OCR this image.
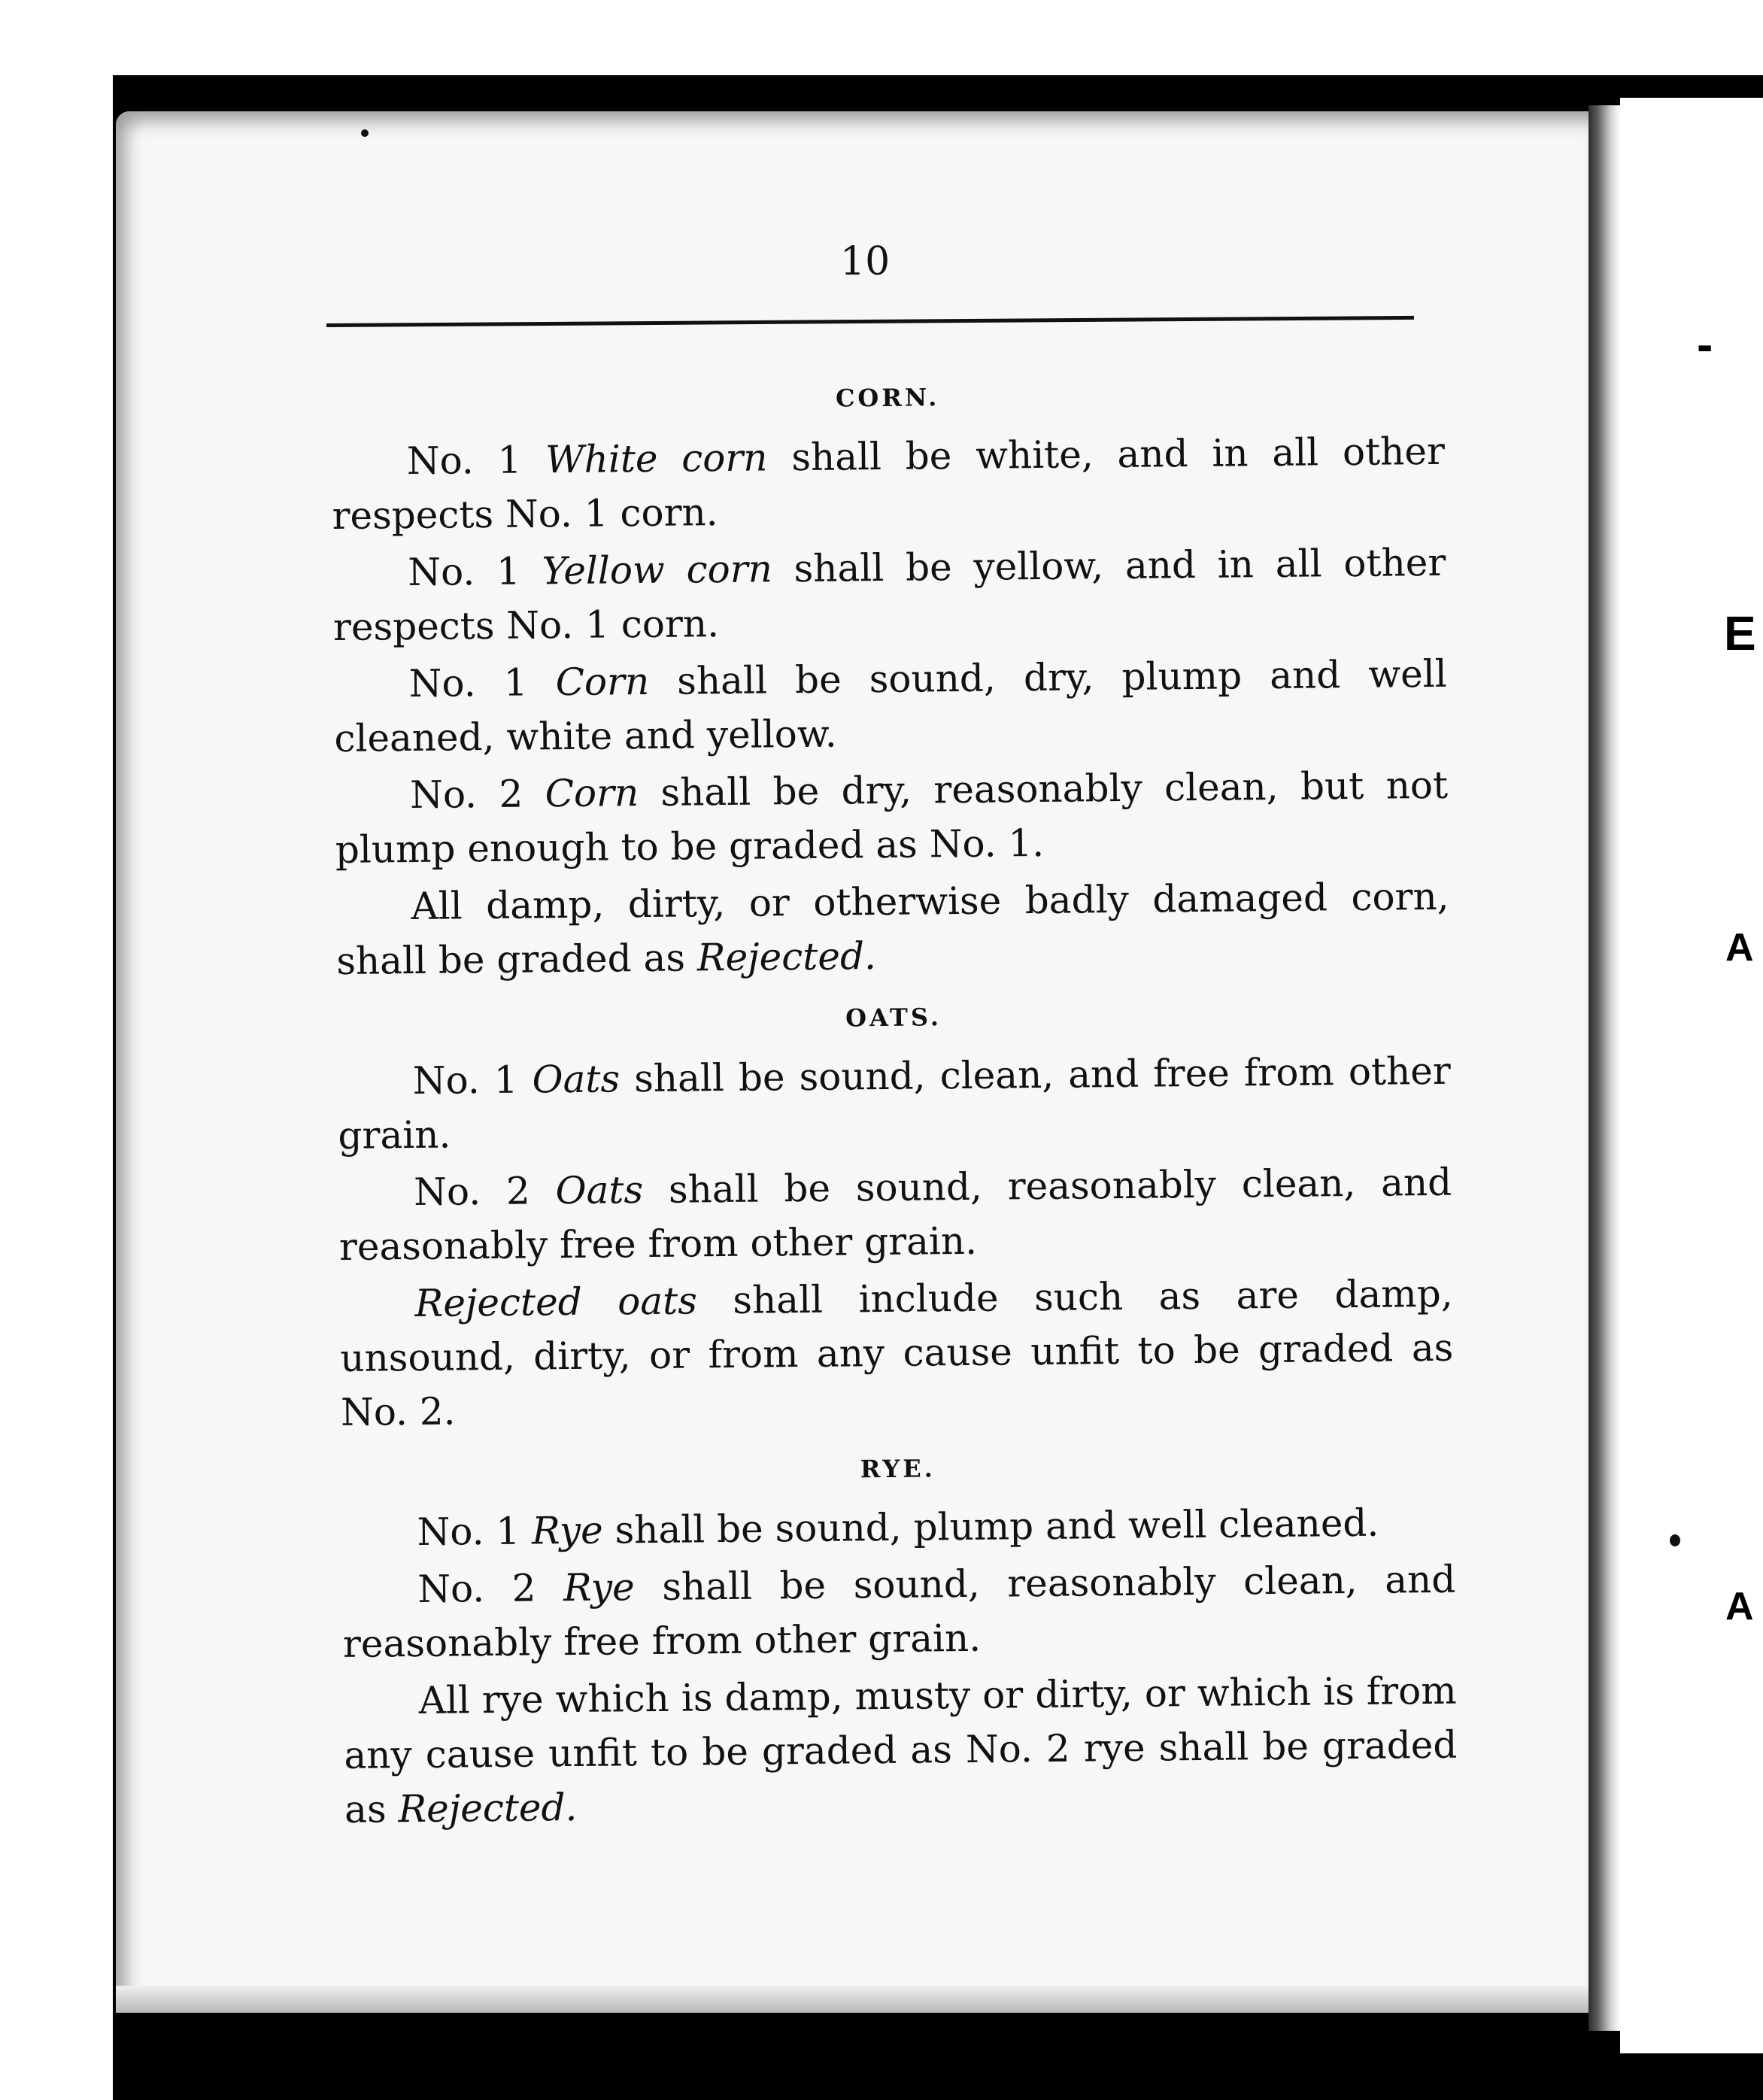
-
E
A
A
10
CORN.

No. 1 White corn shall be white, and in all other respects No. 1 corn.

No. 1 Yellow corn shall be yellow, and in all other respects No. 1 corn.

No. 1 Corn shall be sound, dry, plump and well cleaned, white and yellow.

No. 2 Corn shall be dry, reasonably clean, but not plump enough to be graded as No. 1.

All damp, dirty, or otherwise badly damaged corn, shall be graded as Rejected.

OATS.

No. 1 Oats shall be sound, clean, and free from other grain.

No. 2 Oats shall be sound, reasonably clean, and reasonably free from other grain.

Rejected oats shall include such as are damp, unsound, dirty, or from any cause unfit to be graded as No. 2.

RYE.

No. 1 Rye shall be sound, plump and well cleaned.

No. 2 Rye shall be sound, reasonably clean, and reasonably free from other grain.

All rye which is damp, musty or dirty, or which is from any cause unfit to be graded as No. 2 rye shall be graded as Rejected.
